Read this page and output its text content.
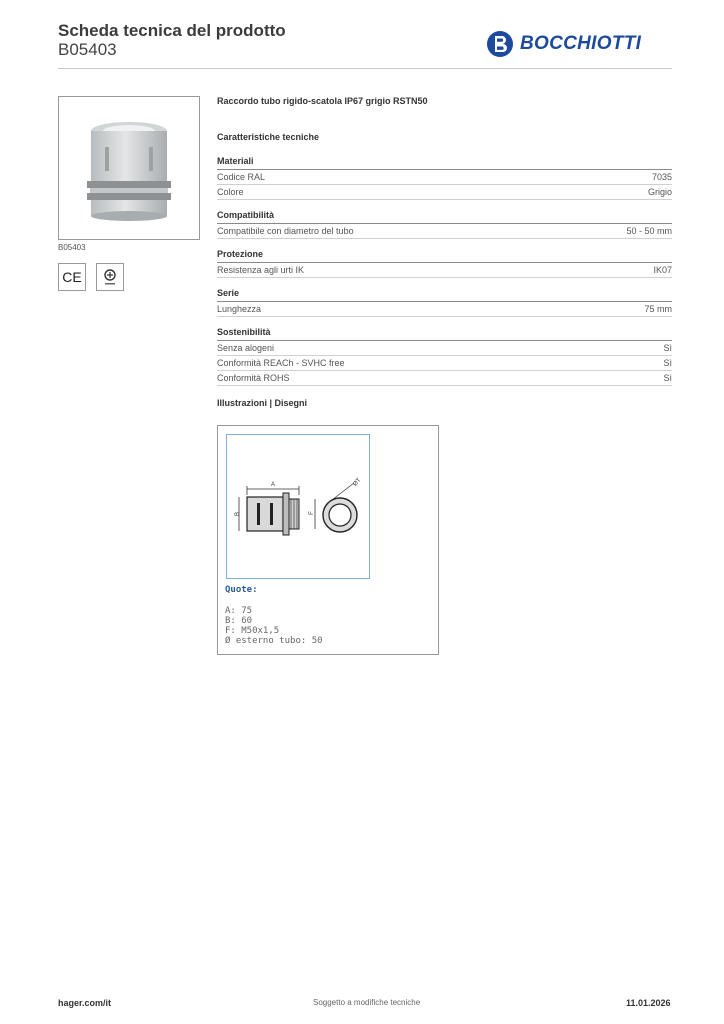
Scheda tecnica del prodotto
B05403	BOCCHIOTTI
B05403
CE
Raccordo tubo rigido-scatola IP67 grigio RSTN50
Caratteristiche tecniche
Materiali
Codice RAL	7035
Colore	Grigio
Compatibilità
Compatibile con diametro del tubo	50 - 50 mm
Protezione
Resistenza agli urti IK	IK07
Serie
Lunghezza	75 mm
Sostenibilità
Senza alogeni	Sì
Conformità REACh - SVHC free	Sì
Conformità ROHS	Sì
Illustrazioni | Disegni
A
B	F
ØT
Quote:
A: 75
B: 60
F: M50x1,5
Ø esterno tubo: 50
hager.com/it	Soggetto a modifiche tecniche	11.01.2026
